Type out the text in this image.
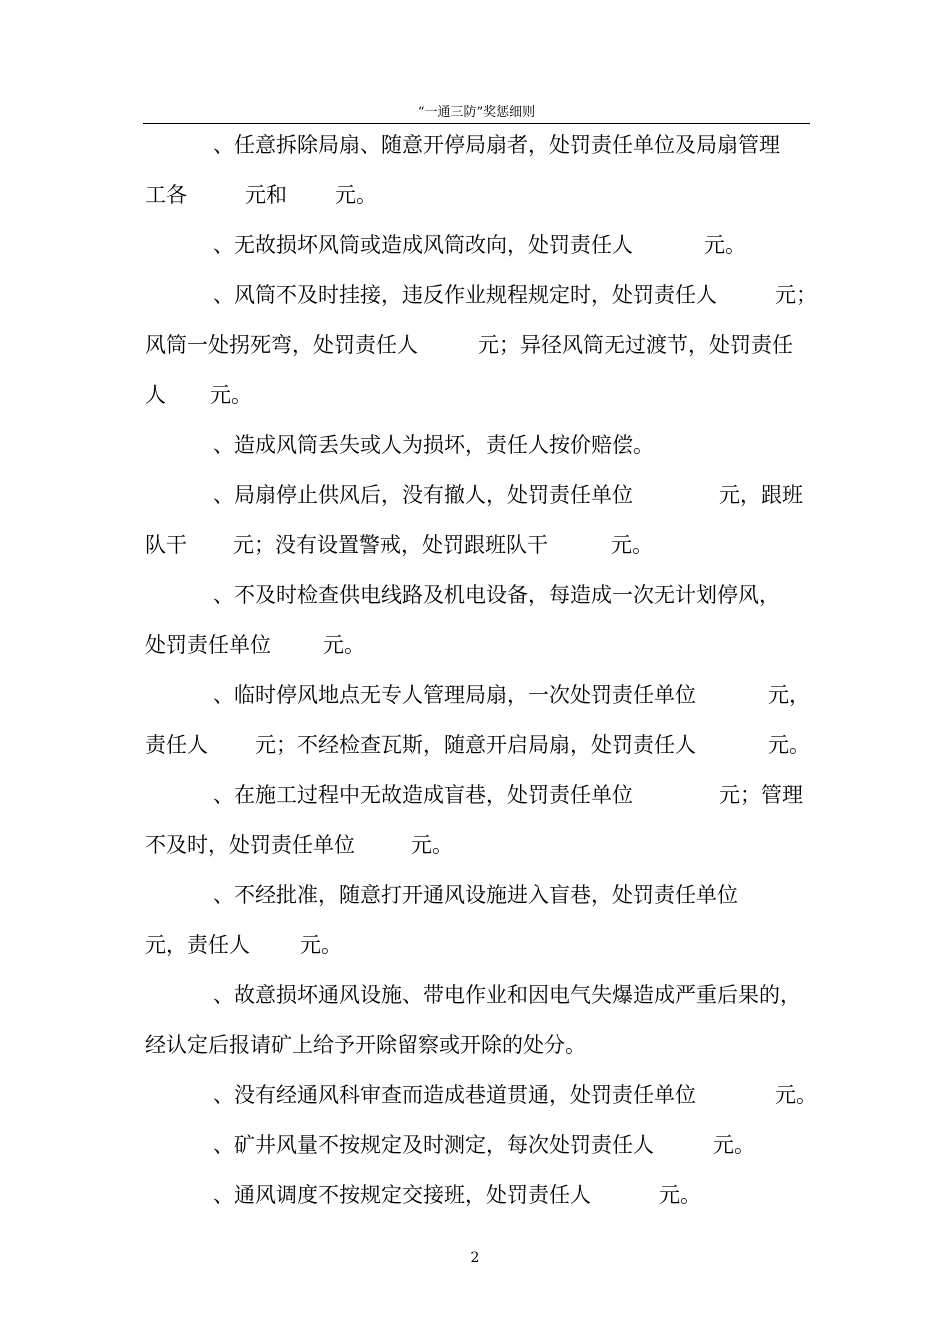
“一通三防”奖惩细则
、任意拆除局扇、随意开停局扇者，处罚责任单位及局扇管理
工各	元和 元。
、无故损坏风筒或造成风筒改向，处罚责任人	元。
、风筒不及时挂接，违反作业规程规定时，处罚责任人	元；
风筒一处拐死弯，处罚责任人	元；异径风筒无过渡节，处罚责任
人 元。
、造成风筒丢失或人为损坏，责任人按价赔偿。
、局扇停止供风后，没有撤人，处罚责任单位	元，跟班
队干 元；没有设置警戒，处罚跟班队干	元。
、不及时检查供电线路及机电设备，每造成一次无计划停风，
处罚责任单位 元。
、临时停风地点无专人管理局扇，一次处罚责任单位	元，
责任人 元；不经检查瓦斯，随意开启局扇，处罚责任人	元。
、在施工过程中无故造成盲巷，处罚责任单位	元；管理
不及时，处罚责任单位	元。
、不经批准，随意打开通风设施进入盲巷，处罚责任单位
元，责任人 元。
、故意损坏通风设施、带电作业和因电气失爆造成严重后果的，
经认定后报请矿上给予开除留察或开除的处分。
、没有经通风科审查而造成巷道贯通，处罚责任单位	元。
、矿井风量不按规定及时测定，每次处罚责任人	元。
、通风调度不按规定交接班，处罚责任人	元。
2
